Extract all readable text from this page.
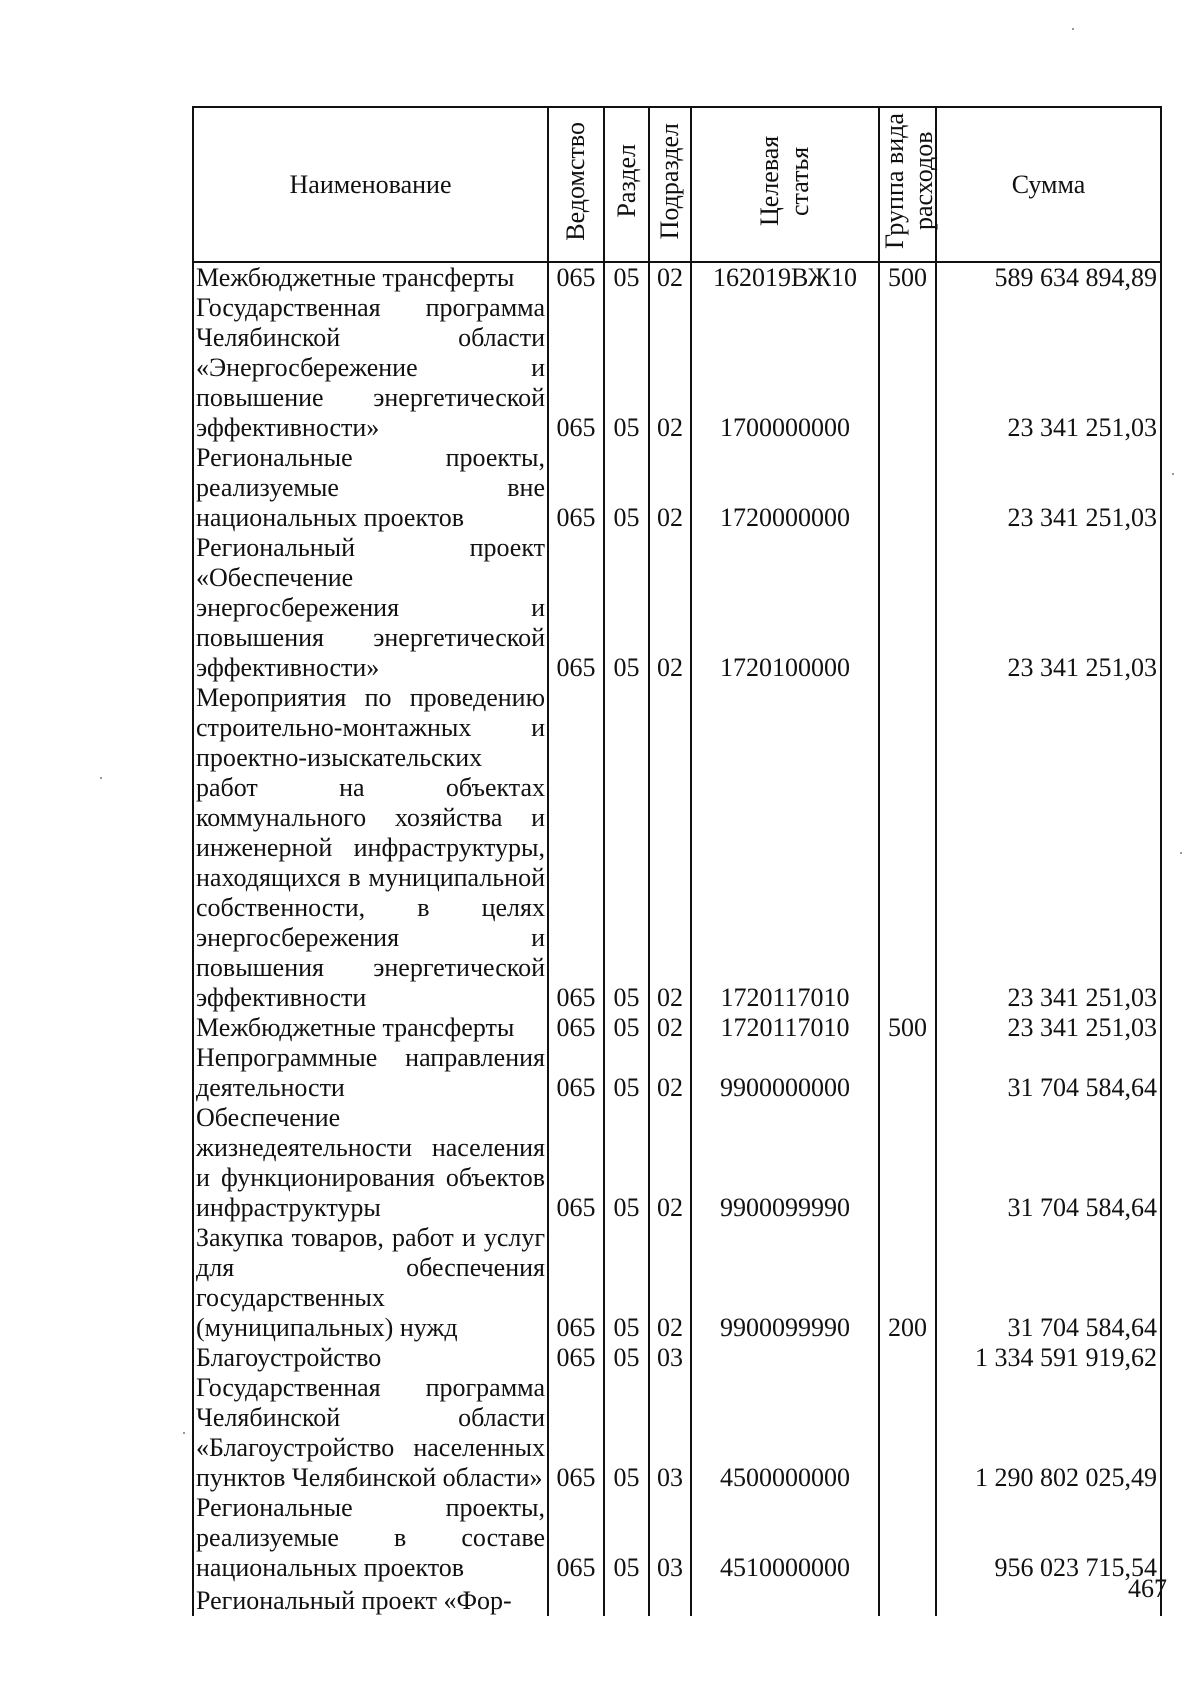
Наименование	Ведомство	Раздел	Подраздел	Целевая статья	Группа вида расходов	Сумма
Межбюджетные трансферты	065	05	02	162019ВЖ10	500	589 634 894,89
Государственная программа Челябинской области «Энергосбережение и повышение энергетической эффективности»	065	05	02	1700000000		23 341 251,03
Региональные проекты, реализуемые вне национальных проектов	065	05	02	1720000000		23 341 251,03
Региональный проект «Обеспечение энергосбережения и повышения энергетической эффективности»	065	05	02	1720100000		23 341 251,03
Мероприятия по проведению строительно-монтажных и проектно-изыскательских работ на объектах коммунального хозяйства и инженерной инфраструктуры, находящихся в муниципальной собственности, в целях энергосбережения и повышения энергетической эффективности	065	05	02	1720117010		23 341 251,03
Межбюджетные трансферты	065	05	02	1720117010	500	23 341 251,03
Непрограммные направления деятельности	065	05	02	9900000000		31 704 584,64
Обеспечение жизнедеятельности населения и функционирования объектов инфраструктуры	065	05	02	9900099990		31 704 584,64
Закупка товаров, работ и услуг для обеспечения государственных (муниципальных) нужд	065	05	02	9900099990	200	31 704 584,64
Благоустройство	065	05	03			1 334 591 919,62
Государственная программа Челябинской области «Благоустройство населенных пунктов Челябинской области»	065	05	03	4500000000		1 290 802 025,49
Региональные проекты, реализуемые в составе национальных проектов	065	05	03	4510000000		956 023 715,54
Региональный проект «Фор-							467
